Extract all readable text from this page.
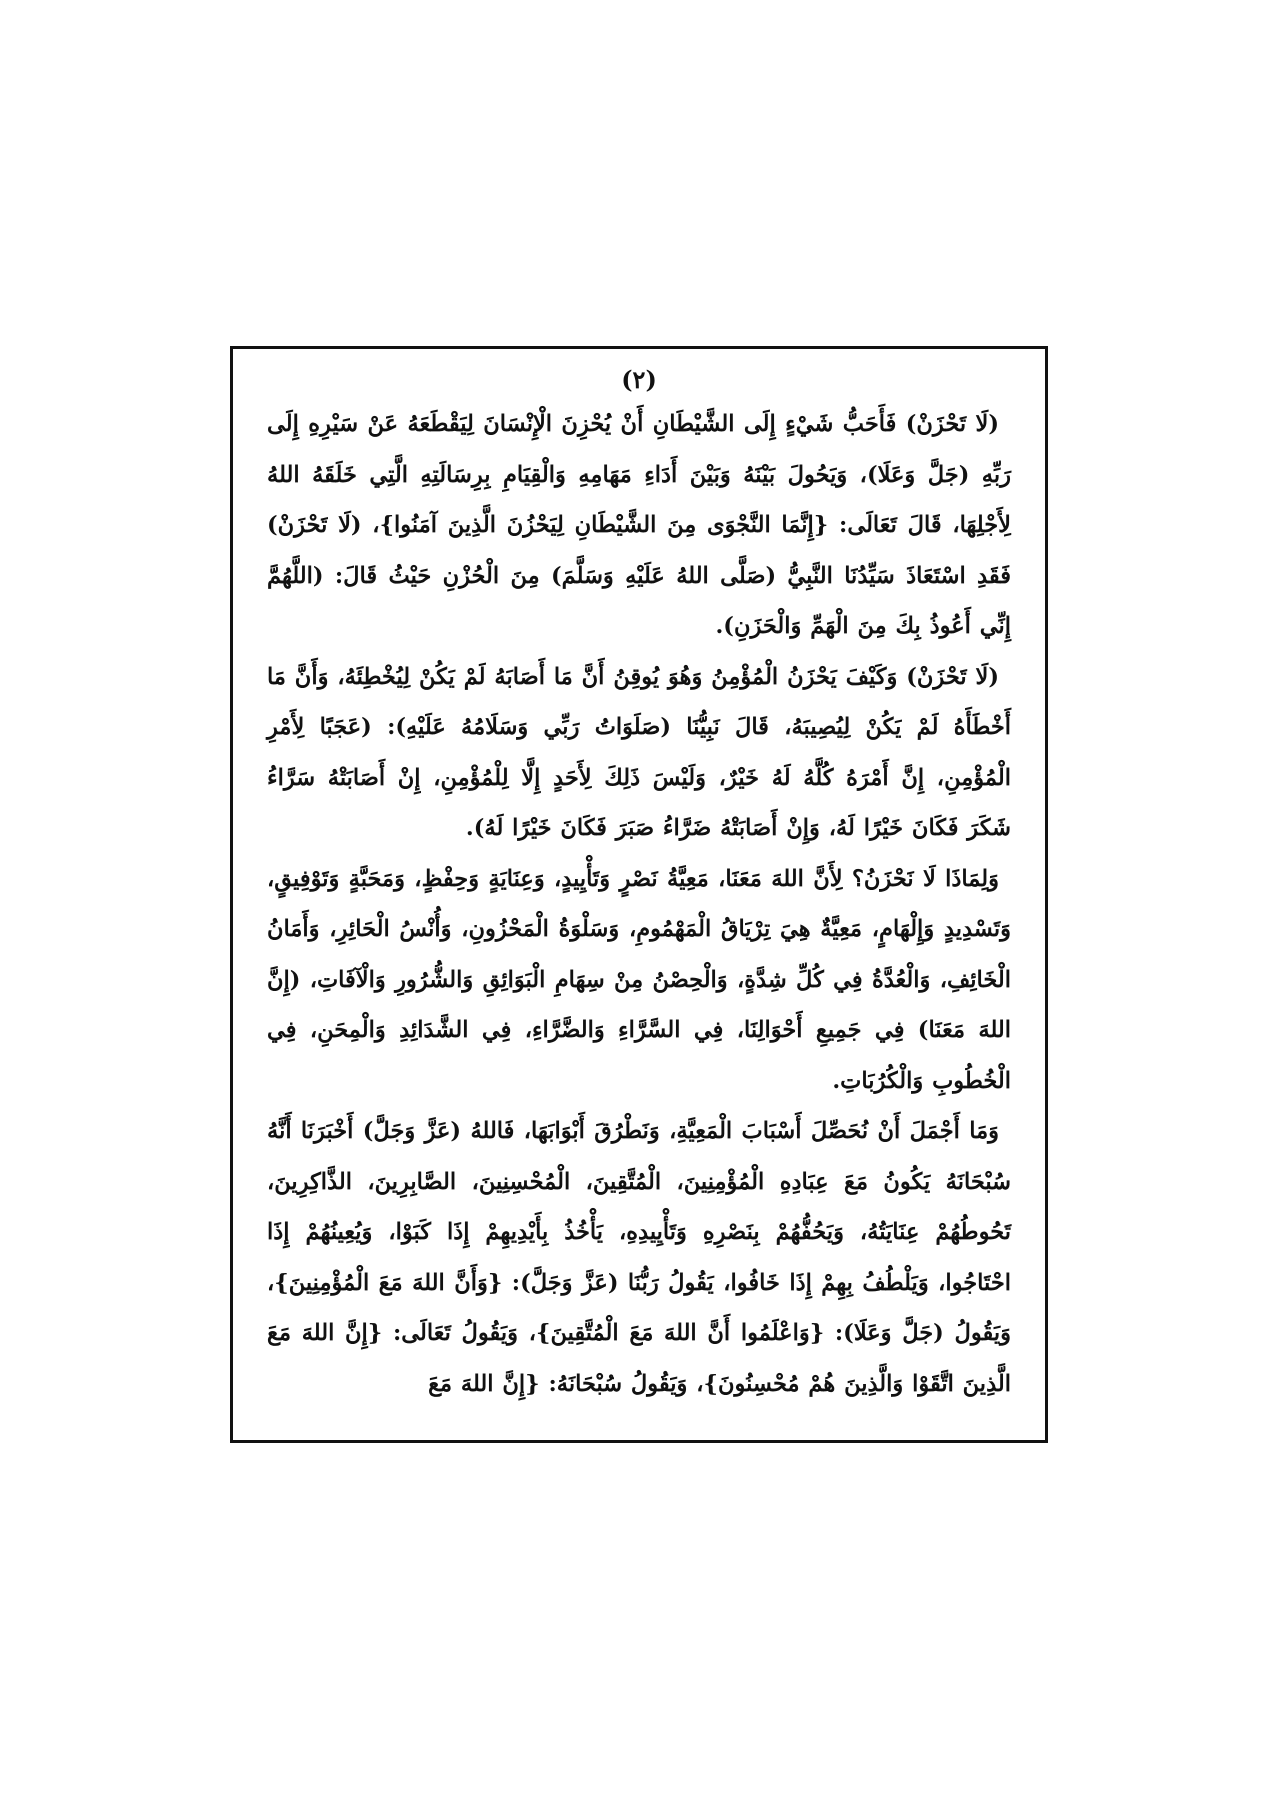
(٢)

(لَا تَحْزَنْ) فَأَحَبُّ شَيْءٍ إِلَى الشَّيْطَانِ أَنْ يُحْزِنَ الْإِنْسَانَ لِيَقْطَعَهُ عَنْ سَيْرِهِ إِلَى رَبِّهِ (جَلَّ وَعَلَا)، وَيَحُولَ بَيْنَهُ وَبَيْنَ أَدَاءِ مَهَامِهِ وَالْقِيَامِ بِرِسَالَتِهِ الَّتِي خَلَقَهُ اللهُ لِأَجْلِهَا، قَالَ تَعَالَى: {إِنَّمَا النَّجْوَى مِنَ الشَّيْطَانِ لِيَحْزُنَ الَّذِينَ آمَنُوا}، (لَا تَحْزَنْ) فَقَدِ اسْتَعَاذَ سَيِّدُنَا النَّبِيُّ (صَلَّى اللهُ عَلَيْهِ وَسَلَّمَ) مِنَ الْحُزْنِ حَيْثُ قَالَ: (اللَّهُمَّ إِنِّي أَعُوذُ بِكَ مِنَ الْهَمِّ وَالْحَزَنِ).

(لَا تَحْزَنْ) وَكَيْفَ يَحْزَنُ الْمُؤْمِنُ وَهُوَ يُوقِنُ أَنَّ مَا أَصَابَهُ لَمْ يَكُنْ لِيُخْطِئَهُ، وَأَنَّ مَا أَخْطَأَهُ لَمْ يَكُنْ لِيُصِيبَهُ، قَالَ نَبِيُّنَا (صَلَوَاتُ رَبِّي وَسَلَامُهُ عَلَيْهِ): (عَجَبًا لِأَمْرِ الْمُؤْمِنِ، إِنَّ أَمْرَهُ كُلَّهُ لَهُ خَيْرٌ، وَلَيْسَ ذَلِكَ لِأَحَدٍ إِلَّا لِلْمُؤْمِنِ، إِنْ أَصَابَتْهُ سَرَّاءُ شَكَرَ فَكَانَ خَيْرًا لَهُ، وَإِنْ أَصَابَتْهُ ضَرَّاءُ صَبَرَ فَكَانَ خَيْرًا لَهُ).

وَلِمَاذَا لَا نَحْزَنُ؟ لِأَنَّ اللهَ مَعَنَا، مَعِيَّةُ نَصْرٍ وَتَأْيِيدٍ، وَعِنَايَةٍ وَحِفْظٍ، وَمَحَبَّةٍ وَتَوْفِيقٍ، وَتَسْدِيدٍ وَإِلْهَامٍ، مَعِيَّةٌ هِيَ تِرْيَاقُ الْمَهْمُومِ، وَسَلْوَةُ الْمَحْزُونِ، وَأُنْسُ الْحَائِرِ، وَأَمَانُ الْخَائِفِ، وَالْعُدَّةُ فِي كُلِّ شِدَّةٍ، وَالْحِصْنُ مِنْ سِهَامِ الْبَوَائِقِ وَالشُّرُورِ وَالْآفَاتِ، (إِنَّ اللهَ مَعَنَا) فِي جَمِيعِ أَحْوَالِنَا، فِي السَّرَّاءِ وَالضَّرَّاءِ، فِي الشَّدَائِدِ وَالْمِحَنِ، فِي الْخُطُوبِ وَالْكُرُبَاتِ.

وَمَا أَجْمَلَ أَنْ نُحَصِّلَ أَسْبَابَ الْمَعِيَّةِ، وَنَطْرُقَ أَبْوَابَهَا، فَاللهُ (عَزَّ وَجَلَّ) أَخْبَرَنَا أَنَّهُ سُبْحَانَهُ يَكُونُ مَعَ عِبَادِهِ الْمُؤْمِنِينَ، الْمُتَّقِينَ، الْمُحْسِنِينَ، الصَّابِرِينَ، الذَّاكِرِينَ، تَحُوطُهُمْ عِنَايَتُهُ، وَيَحُفُّهُمْ بِنَصْرِهِ وَتَأْيِيدِهِ، يَأْخُذُ بِأَيْدِيهِمْ إِذَا كَبَوْا، وَيُعِينُهُمْ إِذَا احْتَاجُوا، وَيَلْطُفُ بِهِمْ إِذَا خَافُوا، يَقُولُ رَبُّنَا (عَزَّ وَجَلَّ): {وَأَنَّ اللهَ مَعَ الْمُؤْمِنِينَ}، وَيَقُولُ (جَلَّ وَعَلَا): {وَاعْلَمُوا أَنَّ اللهَ مَعَ الْمُتَّقِينَ}، وَيَقُولُ تَعَالَى: {إِنَّ اللهَ مَعَ الَّذِينَ اتَّقَوْا وَالَّذِينَ هُمْ مُحْسِنُونَ}، وَيَقُولُ سُبْحَانَهُ: {إِنَّ اللهَ مَعَ
